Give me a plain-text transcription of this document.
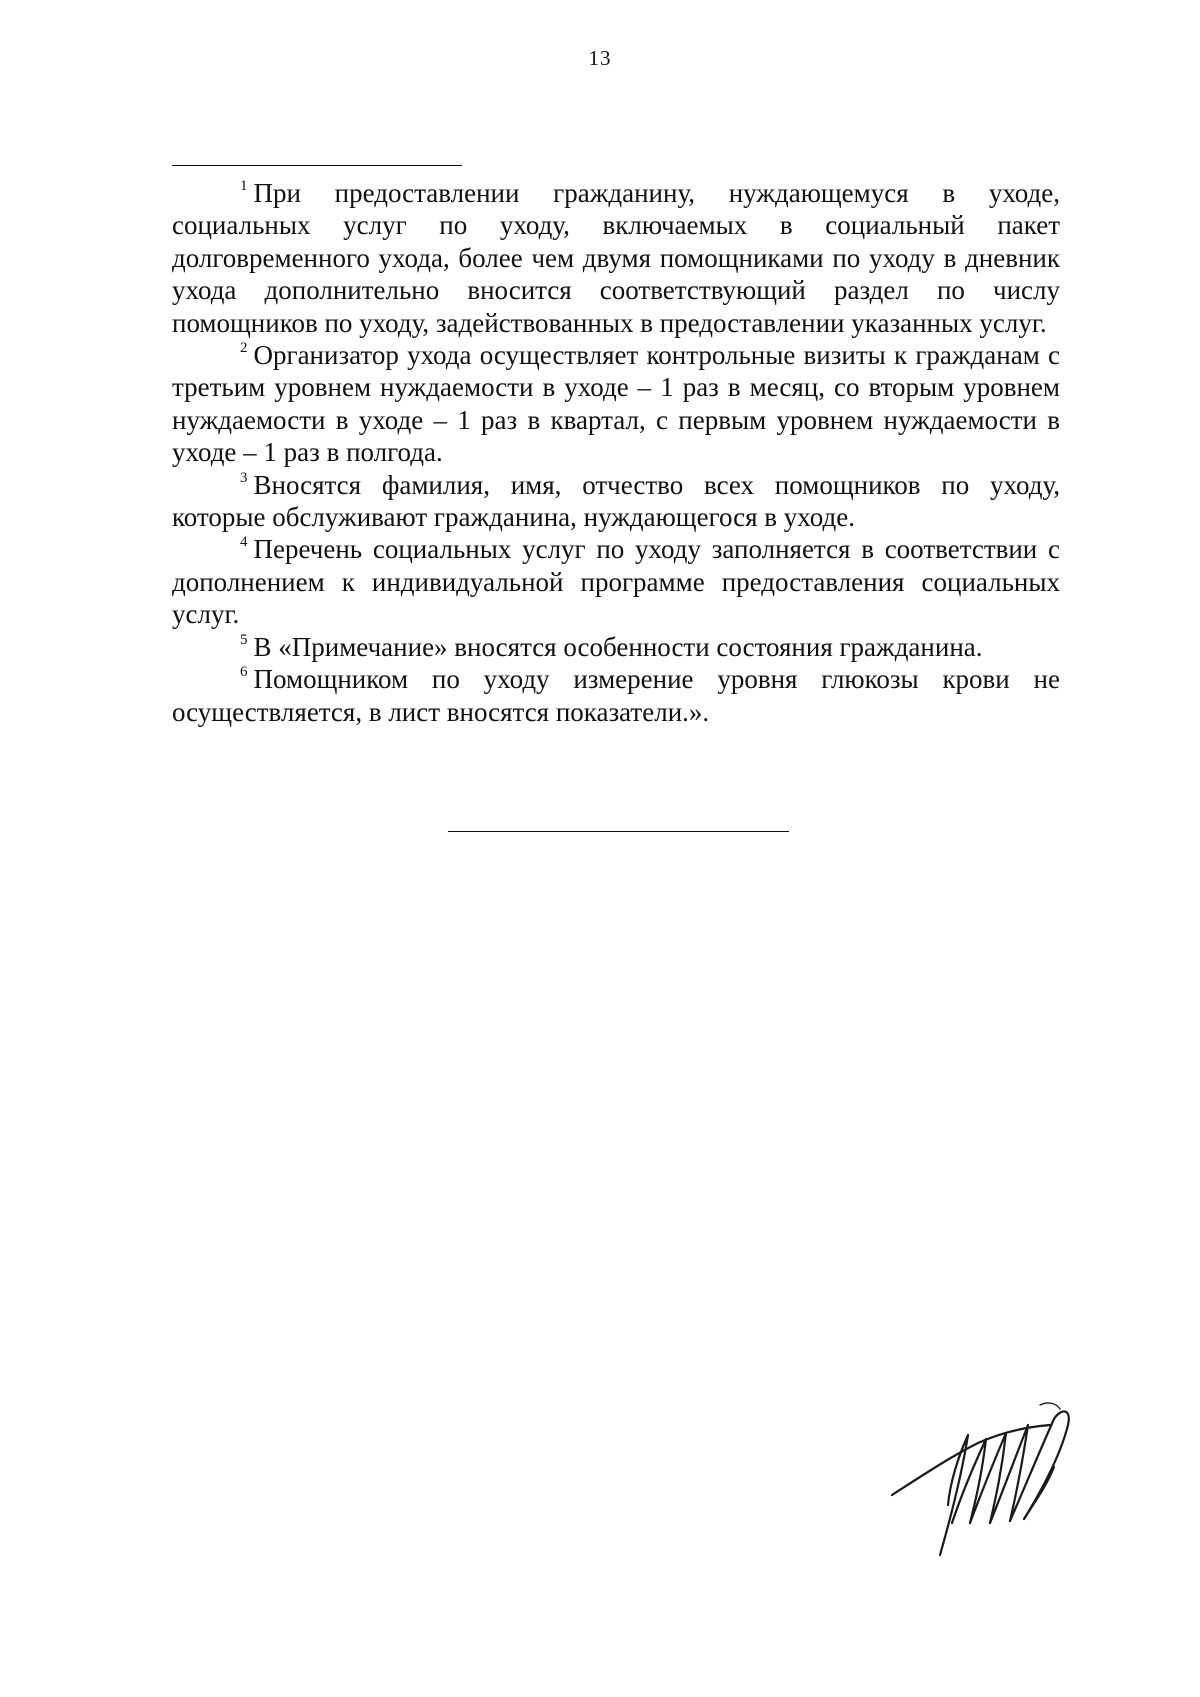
13

$^1$ При предоставлении гражданину, нуждающемуся в уходе, социальных услуг по уходу, включаемых в социальный пакет долговременного ухода, более чем двумя помощниками по уходу в дневник ухода дополнительно вносится соответствующий раздел по числу помощников по уходу, задействованных в предоставлении указанных услуг.

$^2$ Организатор ухода осуществляет контрольные визиты к гражданам с третьим уровнем нуждаемости в уходе – 1 раз в месяц, со вторым уровнем нуждаемости в уходе – 1 раз в квартал, с первым уровнем нуждаемости в уходе – 1 раз в полгода.

$^3$ Вносятся фамилия, имя, отчество всех помощников по уходу, которые обслуживают гражданина, нуждающегося в уходе.

$^4$ Перечень социальных услуг по уходу заполняется в соответствии с дополнением к индивидуальной программе предоставления социальных услуг.

$^5$ В «Примечание» вносятся особенности состояния гражданина.

$^6$ Помощником по уходу измерение уровня глюкозы крови не осуществляется, в лист вносятся показатели.».
